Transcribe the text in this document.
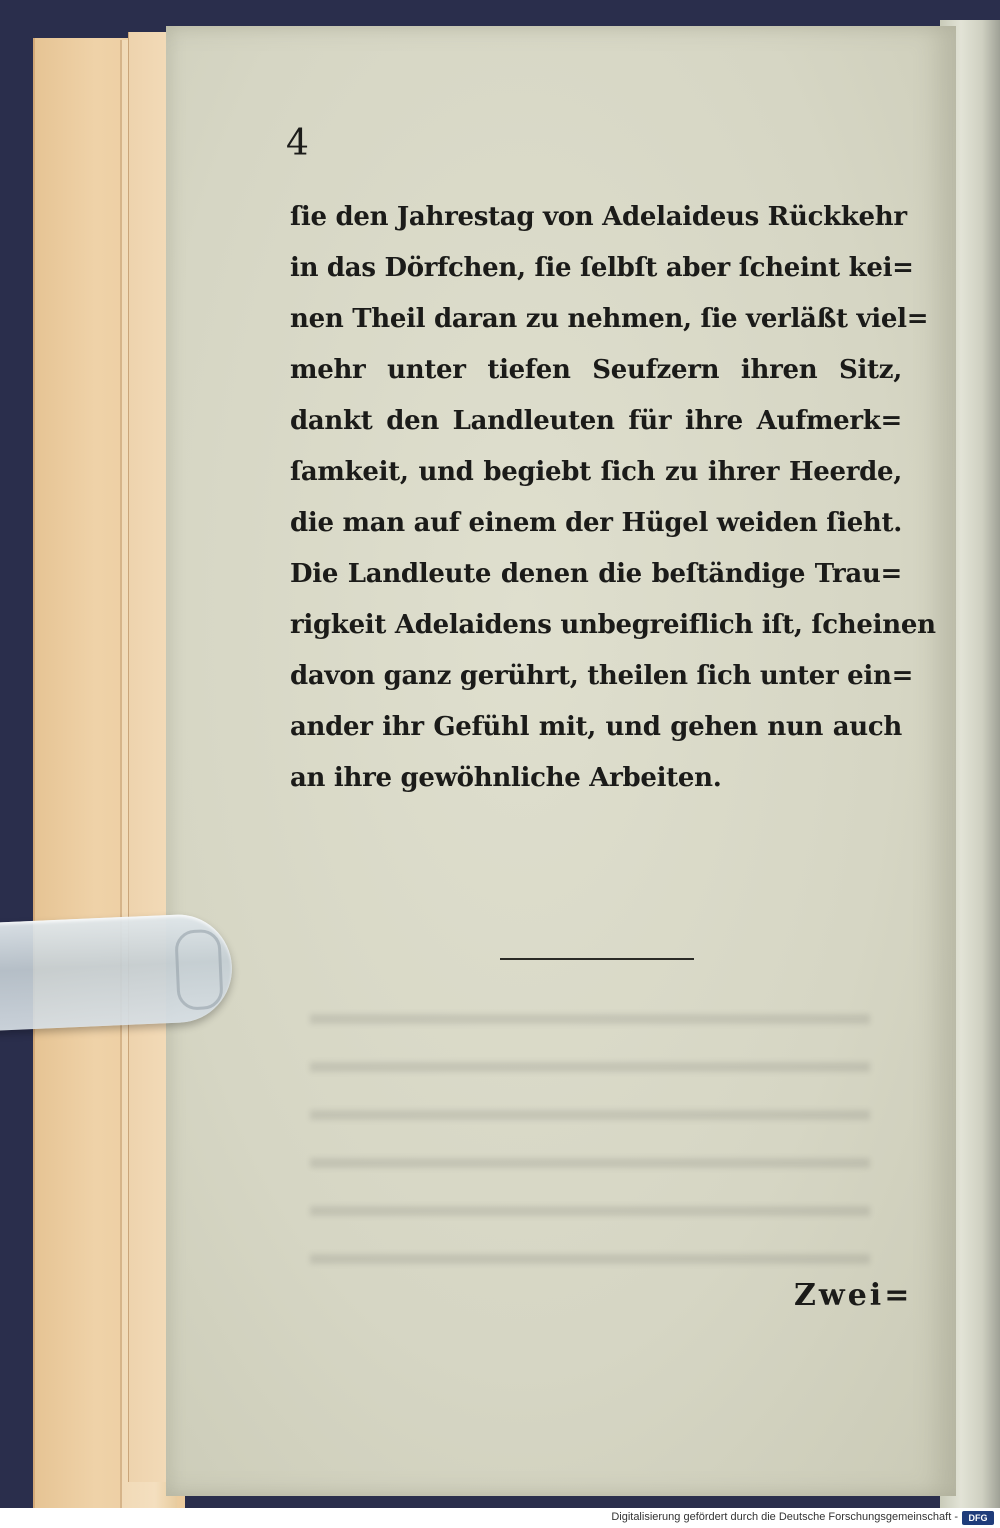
4

ſie den Jahrestag von Adelaideus Rückkehr
in das Dörfchen, ſie ſelbſt aber ſcheint kei=
nen Theil daran zu nehmen, ſie verläßt viel=
mehr unter tiefen Seufzern ihren Sitz,
dankt den Landleuten für ihre Aufmerk=
ſamkeit, und begiebt ſich zu ihrer Heerde,
die man auf einem der Hügel weiden ſieht.
Die Landleute denen die beſtändige Trau=
rigkeit Adelaidens unbegreiflich iſt, ſcheinen
davon ganz gerührt, theilen ſich unter ein=
ander ihr Gefühl mit, und gehen nun auch
an ihre gewöhnliche Arbeiten.
Zwei=
Digitalisierung gefördert durch die Deutsche Forschungsgemeinschaft -	DFG
